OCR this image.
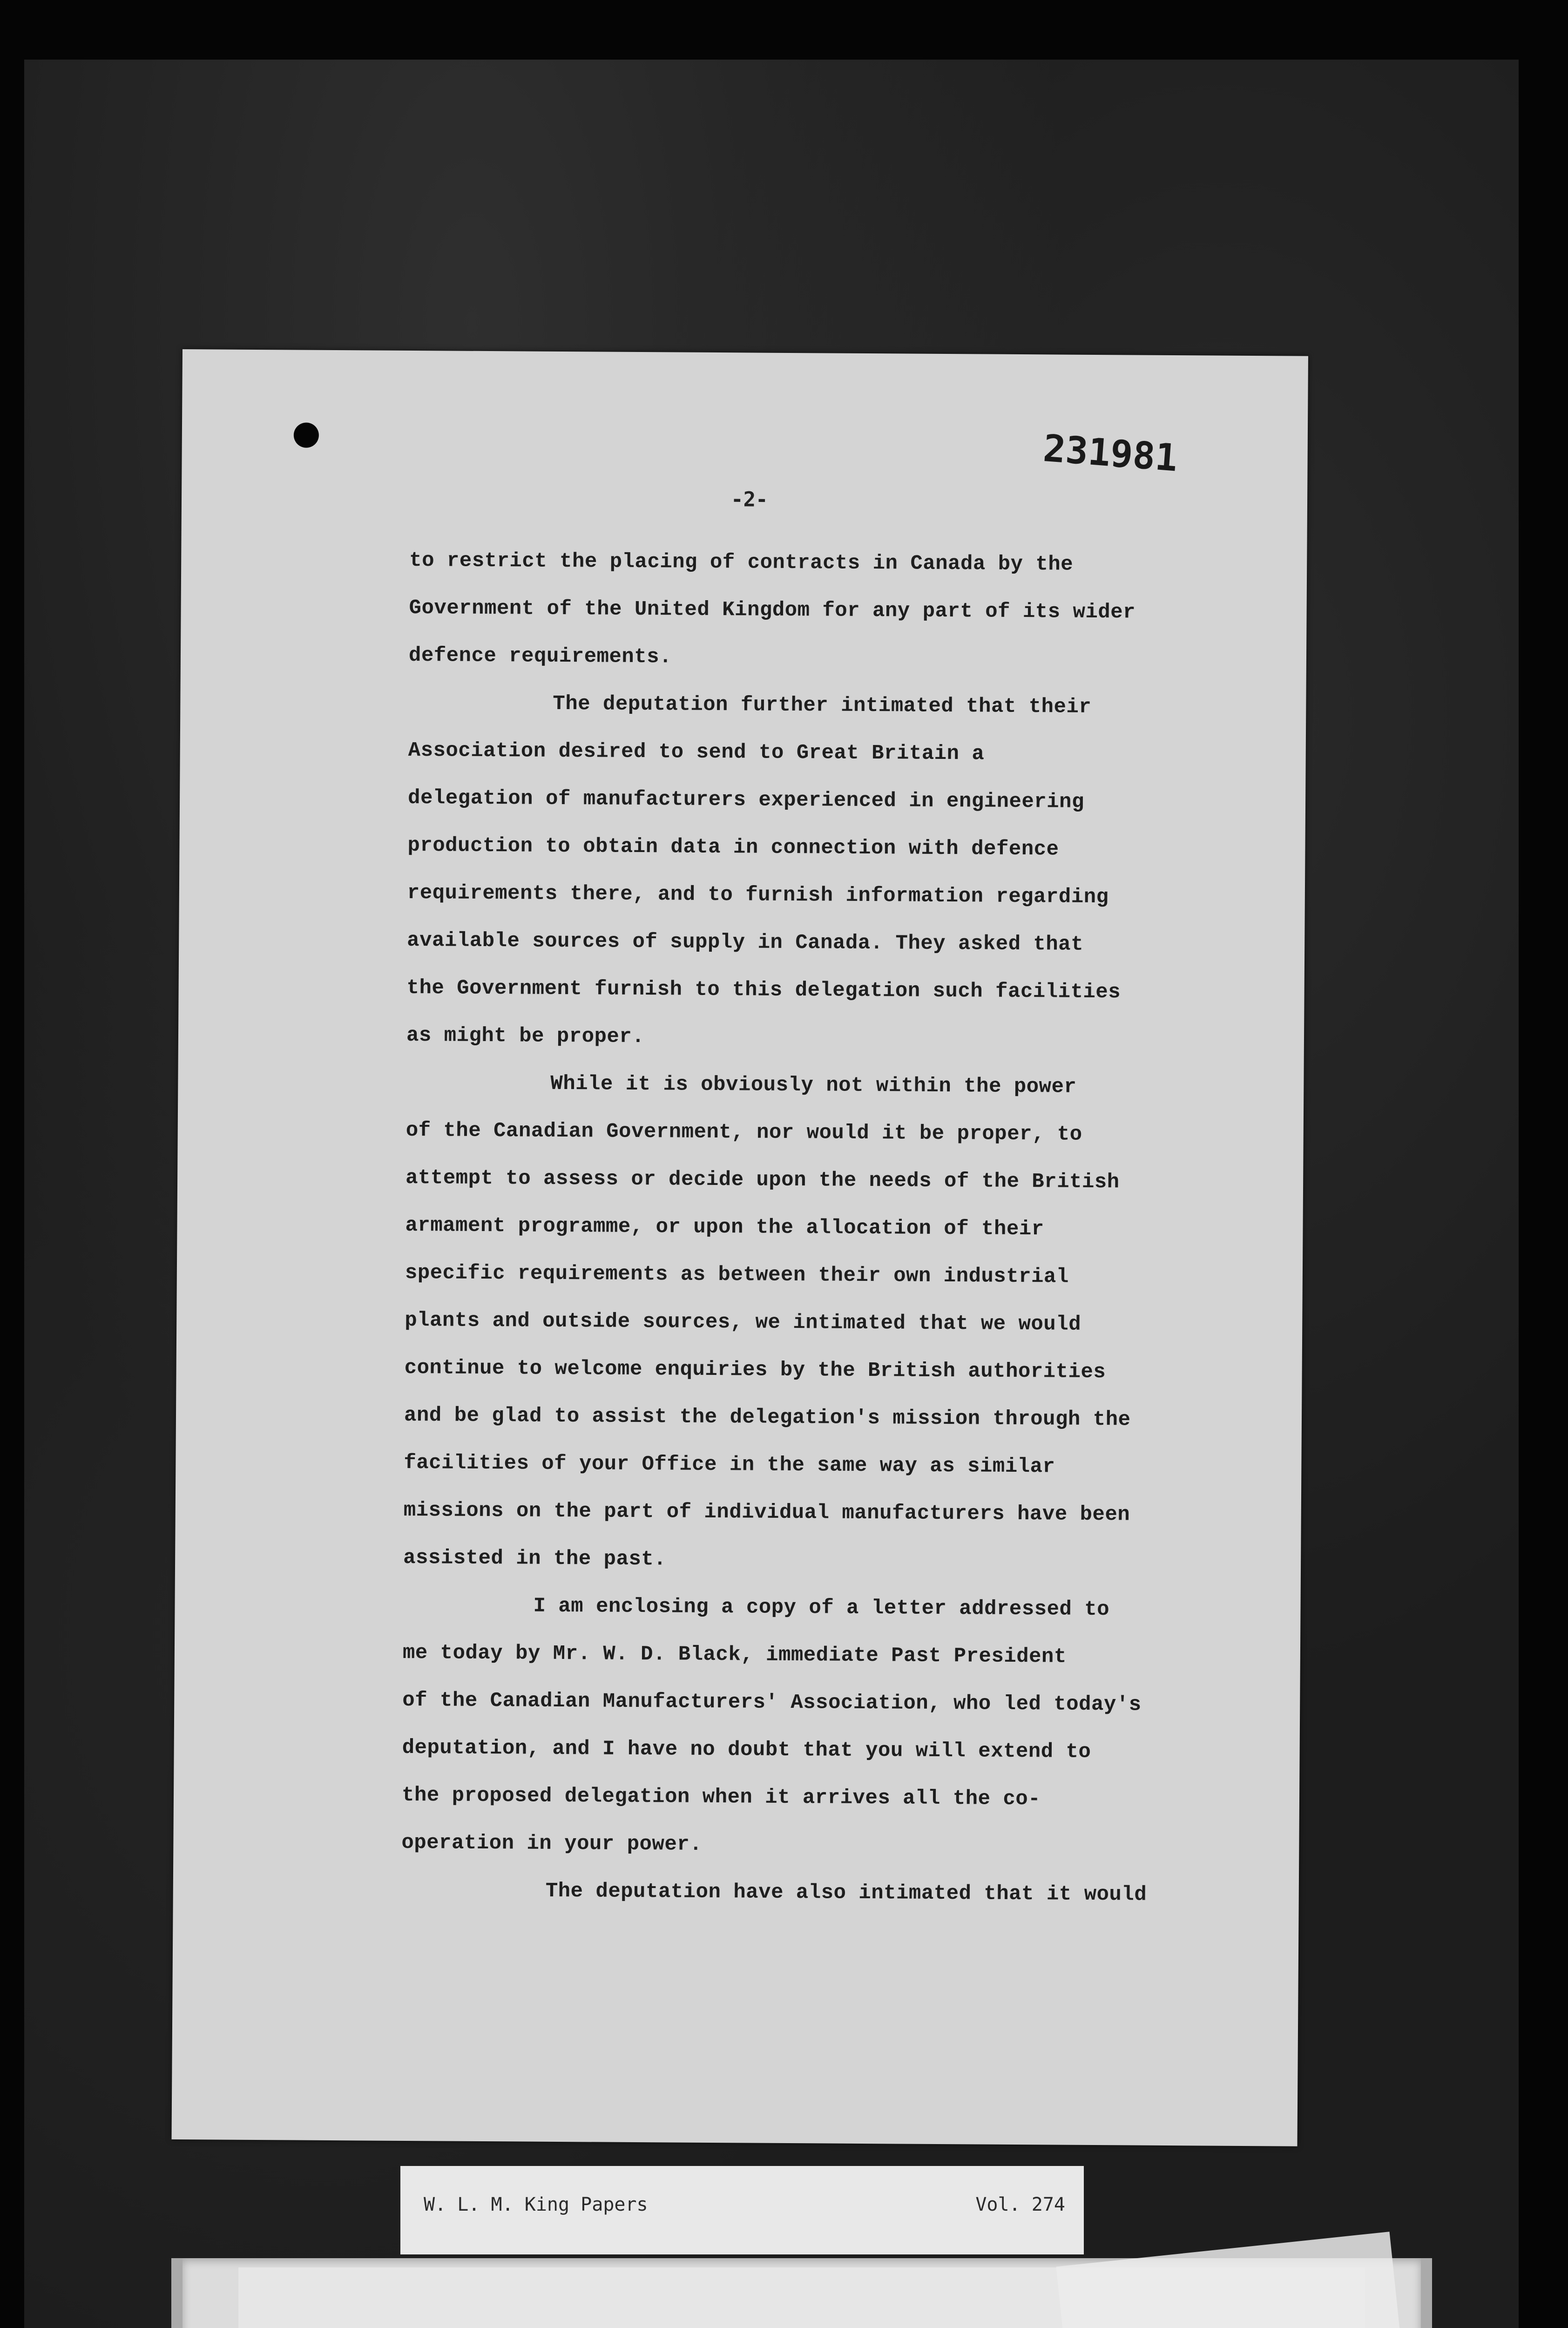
231981
-2-
to restrict the placing of contracts in Canada by the
Government of the United Kingdom for any part of its wider
defence requirements.
The deputation further intimated that their
Association desired to send to Great Britain a
delegation of manufacturers experienced in engineering
production to obtain data in connection with defence
requirements there, and to furnish information regarding
available sources of supply in Canada. They asked that
the Government furnish to this delegation such facilities
as might be proper.
While it is obviously not within the power
of the Canadian Government, nor would it be proper, to
attempt to assess or decide upon the needs of the British
armament programme, or upon the allocation of their
specific requirements as between their own industrial
plants and outside sources, we intimated that we would
continue to welcome enquiries by the British authorities
and be glad to assist the delegation's mission through the
facilities of your Office in the same way as similar
missions on the part of individual manufacturers have been
assisted in the past.
I am enclosing a copy of a letter addressed to
me today by Mr. W. D. Black, immediate Past President
of the Canadian Manufacturers' Association, who led today's
deputation, and I have no doubt that you will extend to
the proposed delegation when it arrives all the co-
operation in your power.
The deputation have also intimated that it would
W. L. M. King Papers	Vol. 274
